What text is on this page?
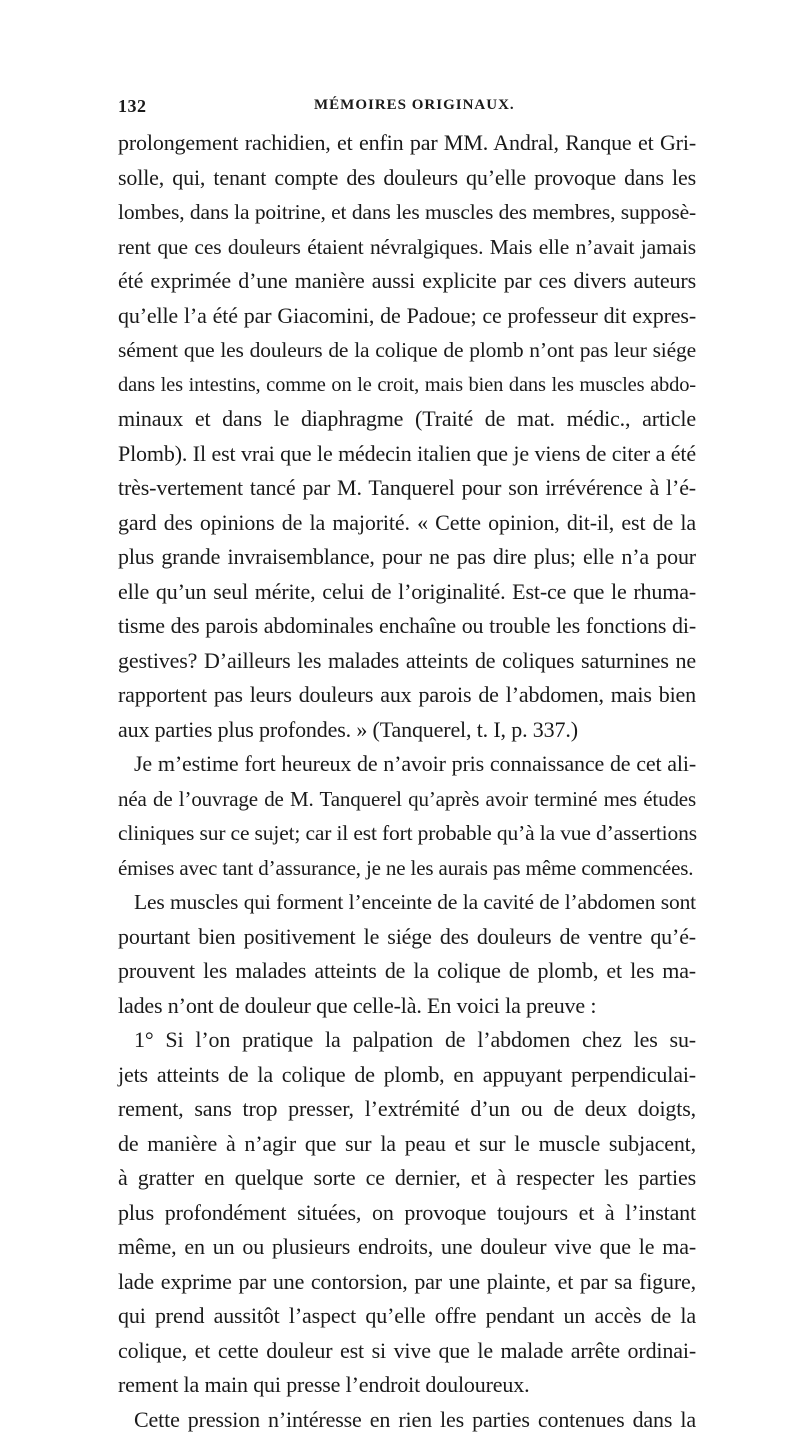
132	MÉMOIRES ORIGINAUX.
prolongement rachidien, et enfin par MM. Andral, Ranque et Gri-
solle, qui, tenant compte des douleurs qu’elle provoque dans les
lombes, dans la poitrine, et dans les muscles des membres, supposè-
rent que ces douleurs étaient névralgiques. Mais elle n’avait jamais
été exprimée d’une manière aussi explicite par ces divers auteurs
qu’elle l’a été par Giacomini, de Padoue; ce professeur dit expres-
sément que les douleurs de la colique de plomb n’ont pas leur siége
dans les intestins, comme on le croit, mais bien dans les muscles abdo-
minaux et dans le diaphragme (Traité de mat. médic., article
Plomb). Il est vrai que le médecin italien que je viens de citer a été
très-vertement tancé par M. Tanquerel pour son irrévérence à l’é-
gard des opinions de la majorité. « Cette opinion, dit-il, est de la
plus grande invraisemblance, pour ne pas dire plus; elle n’a pour
elle qu’un seul mérite, celui de l’originalité. Est-ce que le rhuma-
tisme des parois abdominales enchaîne ou trouble les fonctions di-
gestives? D’ailleurs les malades atteints de coliques saturnines ne
rapportent pas leurs douleurs aux parois de l’abdomen, mais bien
aux parties plus profondes. » (Tanquerel, t. I, p. 337.)
Je m’estime fort heureux de n’avoir pris connaissance de cet ali-
néa de l’ouvrage de M. Tanquerel qu’après avoir terminé mes études
cliniques sur ce sujet; car il est fort probable qu’à la vue d’assertions
émises avec tant d’assurance, je ne les aurais pas même commencées.
Les muscles qui forment l’enceinte de la cavité de l’abdomen sont
pourtant bien positivement le siége des douleurs de ventre qu’é-
prouvent les malades atteints de la colique de plomb, et les ma-
lades n’ont de douleur que celle-là. En voici la preuve :
1° Si l’on pratique la palpation de l’abdomen chez les su-
jets atteints de la colique de plomb, en appuyant perpendiculai-
rement, sans trop presser, l’extrémité d’un ou de deux doigts,
de manière à n’agir que sur la peau et sur le muscle subjacent,
à gratter en quelque sorte ce dernier, et à respecter les parties
plus profondément situées, on provoque toujours et à l’instant
même, en un ou plusieurs endroits, une douleur vive que le ma-
lade exprime par une contorsion, par une plainte, et par sa figure,
qui prend aussitôt l’aspect qu’elle offre pendant un accès de la
colique, et cette douleur est si vive que le malade arrête ordinai-
rement la main qui presse l’endroit douloureux.
Cette pression n’intéresse en rien les parties contenues dans la
